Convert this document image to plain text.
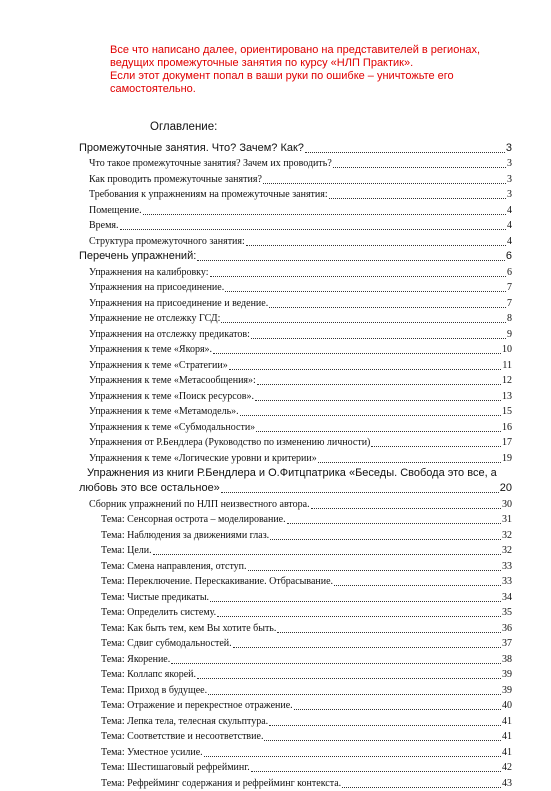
Все что написано далее, ориентировано на представителей в регионах,
ведущих промежуточные занятия по курсу «НЛП Практик».
Если этот документ попал в ваши руки по ошибке – уничтожьте его
самостоятельно.
Оглавление:
Промежуточные занятия. Что? Зачем? Как?	3
Что такое промежуточные занятия? Зачем их проводить?	3
Как проводить промежуточные занятия?	3
Требования к упражнениям на промежуточные занятия:	3
Помещение.	4
Время.	4
Структура промежуточного занятия:	4
Перечень упражнений:	6
Упражнения на калибровку:	6
Упражнения на присоединение.	7
Упражнения на присоединение и ведение.	7
Упражнение не отслежку ГСД:	8
Упражнения на отслежку предикатов:	9
Упражнения к теме «Якоря».	10
Упражнения к теме «Стратегии»	11
Упражнения к теме «Метасообщения»:	12
Упражнения к теме «Поиск ресурсов».	13
Упражнения к теме «Метамодель».	15
Упражнения к теме «Субмодальности»	16
Упражнения от Р.Бендлера (Руководство по изменению личности)	17
Упражнения к теме «Логические уровни и критерии»	19
Упражнения из книги Р.Бендлера и О.Фитцпатрика «Беседы. Свобода это все, а
любовь это все остальное»	20
Сборник упражнений по НЛП неизвестного автора.	30
Тема: Сенсорная острота – моделирование.	31
Тема: Наблюдения за движениями глаз.	32
Тема: Цели.	32
Тема: Смена направления, отступ.	33
Тема: Переключение. Перескакивание. Отбрасывание.	33
Тема: Чистые предикаты.	34
Тема: Определить систему.	35
Тема: Как быть тем, кем Вы хотите быть.	36
Тема: Сдвиг субмодальностей.	37
Тема: Якорение.	38
Тема: Коллапс якорей.	39
Тема: Приход в будущее.	39
Тема: Отражение и перекрестное отражение.	40
Тема: Лепка тела, телесная скульптура.	41
Тема: Соответствие и несоответствие.	41
Тема: Уместное усилие.	41
Тема: Шестишаговый рефрейминг.	42
Тема: Рефрейминг содержания и рефрейминг контекста.	43
